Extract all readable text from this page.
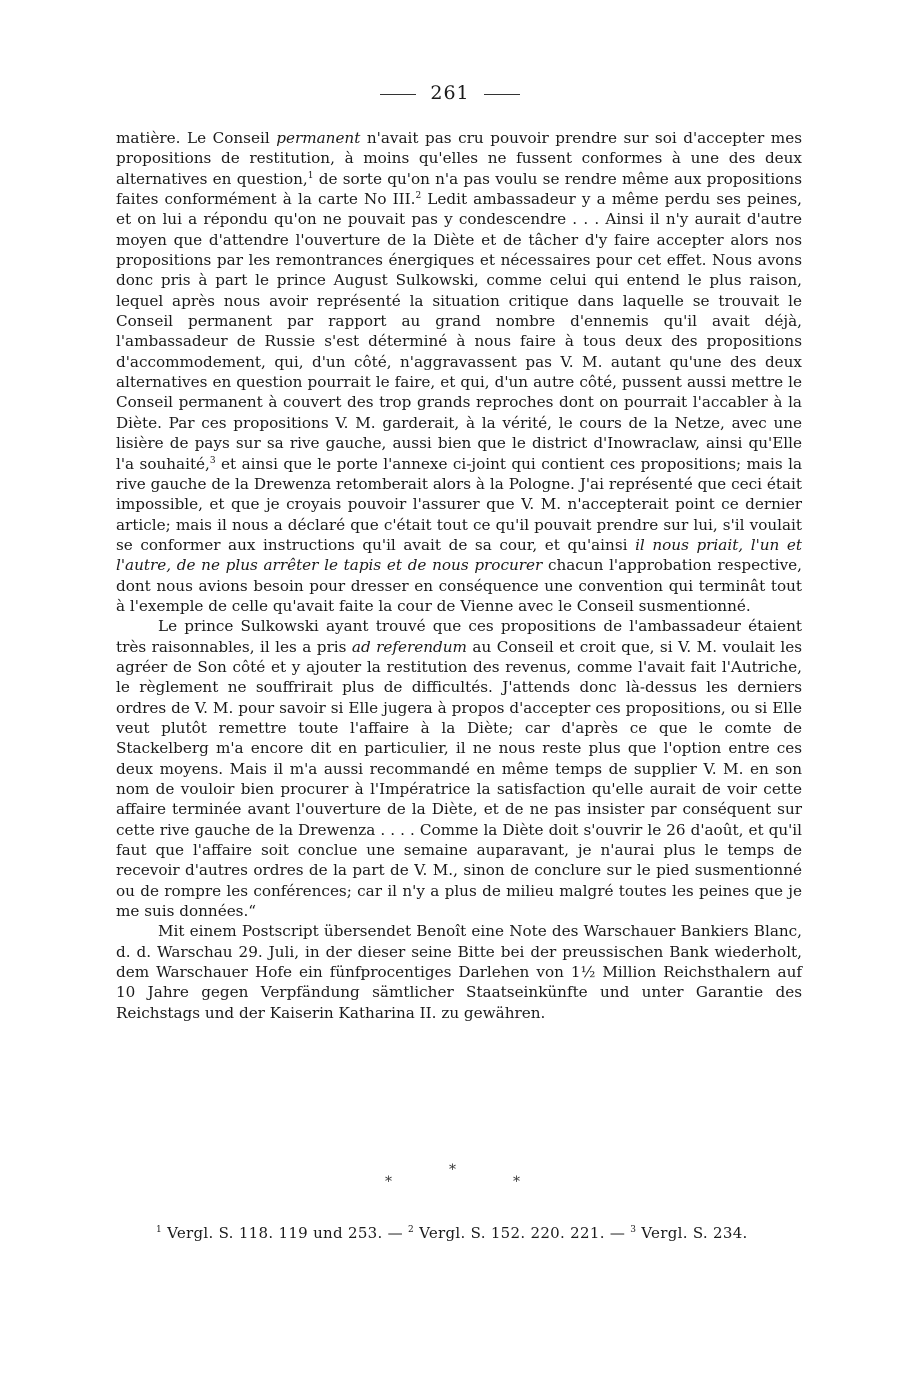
261

matière. Le Conseil permanent n'avait pas cru pouvoir prendre sur soi d'accepter mes propositions de restitution, à moins qu'elles ne fussent conformes à une des deux alternatives en question,$^1$ de sorte qu'on n'a pas voulu se rendre même aux propositions faites conformément à la carte No III.$^2$ Ledit ambassadeur y a même perdu ses peines, et on lui a répondu qu'on ne pouvait pas y condescendre . . . Ainsi il n'y aurait d'autre moyen que d'attendre l'ouverture de la Diète et de tâcher d'y faire accepter alors nos propositions par les remontrances énergiques et nécessaires pour cet effet. Nous avons donc pris à part le prince August Sulkowski, comme celui qui entend le plus raison, lequel après nous avoir représenté la situation critique dans laquelle se trouvait le Conseil permanent par rapport au grand nombre d'ennemis qu'il avait déjà, l'ambassadeur de Russie s'est déterminé à nous faire à tous deux des propositions d'accommodement, qui, d'un côté, n'aggravassent pas V. M. autant qu'une des deux alternatives en question pourrait le faire, et qui, d'un autre côté, pussent aussi mettre le Conseil permanent à couvert des trop grands reproches dont on pourrait l'accabler à la Diète. Par ces propositions V. M. garderait, à la vérité, le cours de la Netze, avec une lisière de pays sur sa rive gauche, aussi bien que le district d'Inowraclaw, ainsi qu'Elle l'a souhaité,$^3$ et ainsi que le porte l'annexe ci-joint qui contient ces propositions; mais la rive gauche de la Drewenza retomberait alors à la Pologne. J'ai représenté que ceci était impossible, et que je croyais pouvoir l'assurer que V. M. n'accepterait point ce dernier article; mais il nous a déclaré que c'était tout ce qu'il pouvait prendre sur lui, s'il voulait se conformer aux instructions qu'il avait de sa cour, et qu'ainsi il nous priait, l'un et l'autre, de ne plus arrêter le tapis et de nous procurer chacun l'approbation respective, dont nous avions besoin pour dresser en conséquence une convention qui terminât tout à l'exemple de celle qu'avait faite la cour de Vienne avec le Conseil susmentionné.

Le prince Sulkowski ayant trouvé que ces propositions de l'ambassadeur étaient très raisonnables, il les a pris ad referendum au Conseil et croit que, si V. M. voulait les agréer de Son côté et y ajouter la restitution des revenus, comme l'avait fait l'Autriche, le règlement ne souffrirait plus de difficultés. J'attends donc là-dessus les derniers ordres de V. M. pour savoir si Elle jugera à propos d'accepter ces propositions, ou si Elle veut plutôt remettre toute l'affaire à la Diète; car d'après ce que le comte de Stackelberg m'a encore dit en particulier, il ne nous reste plus que l'option entre ces deux moyens. Mais il m'a aussi recommandé en même temps de supplier V. M. en son nom de vouloir bien procurer à l'Impératrice la satisfaction qu'elle aurait de voir cette affaire terminée avant l'ouverture de la Diète, et de ne pas insister par conséquent sur cette rive gauche de la Drewenza . . . . Comme la Diète doit s'ouvrir le 26 d'août, et qu'il faut que l'affaire soit conclue une semaine auparavant, je n'aurai plus le temps de recevoir d'autres ordres de la part de V. M., sinon de conclure sur le pied susmentionné ou de rompre les conférences; car il n'y a plus de milieu malgré toutes les peines que je me suis données.“

Mit einem Postscript übersendet Benoît eine Note des Warschauer Bankiers Blanc, d. d. Warschau 29. Juli, in der dieser seine Bitte bei der preussischen Bank wiederholt, dem Warschauer Hofe ein fünfprocentiges Darlehen von 1½ Million Reichsthalern auf 10 Jahre gegen Verpfändung sämtlicher Staatseinkünfte und unter Garantie des Reichstags und der Kaiserin Katharina II. zu gewähren.

*
*
*
$^1$ Vergl. S. 118. 119 und 253. — $^2$ Vergl. S. 152. 220. 221. — $^3$ Vergl. S. 234.
